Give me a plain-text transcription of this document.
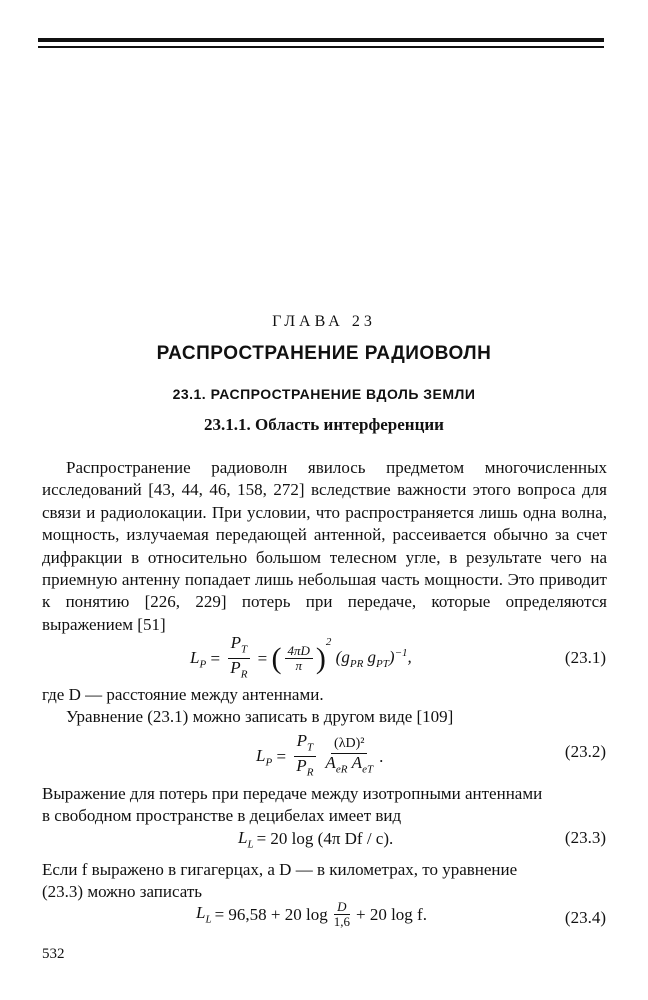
ГЛАВА 23
РАСПРОСТРАНЕНИЕ РАДИОВОЛН
23.1. РАСПРОСТРАНЕНИЕ ВДОЛЬ ЗЕМЛИ
23.1.1. Область интерференции
Распространение радиоволн явилось предметом многочисленных исследований [43, 44, 46, 158, 272] вследствие важности этого вопроса для связи и радиолокации. При условии, что распространяется лишь одна волна, мощность, излучаемая передающей антенной, рассеивается обычно за счет дифракции в относительно большом телесном угле, в результате чего на приемную антенну попадает лишь небольшая часть мощности. Это приводит к понятию [226, 229] потерь при передаче, которые определяются выражением [51]
$L_P = \frac{P_T}{P_R}$ = ( $\frac{4\pi D}{\pi} )^2$
($g_{PR}$ $g_{PT})^{-1}$,	(23.1)
где D — расстояние между антеннами.
Уравнение (23.1) можно записать в другом виде [109]
$L_P = \frac{P_T}{P_R} \frac{\text{(λD)²}}{A_{eR} A_{eT}}$ .	(23.2)
Выражение для потерь при передаче между изотропными антеннами
в свободном пространстве в децибелах имеет вид
$L_L = 20$ log (4π Df / c).	(23.3)
Если f выражено в гигагерцах, а D — в километрах, то уравнение
(23.3) можно записать
$L_L = 96,58 + 20$ $\log \frac{D}{1,6} + 20$ log f.	(23.4)
532
